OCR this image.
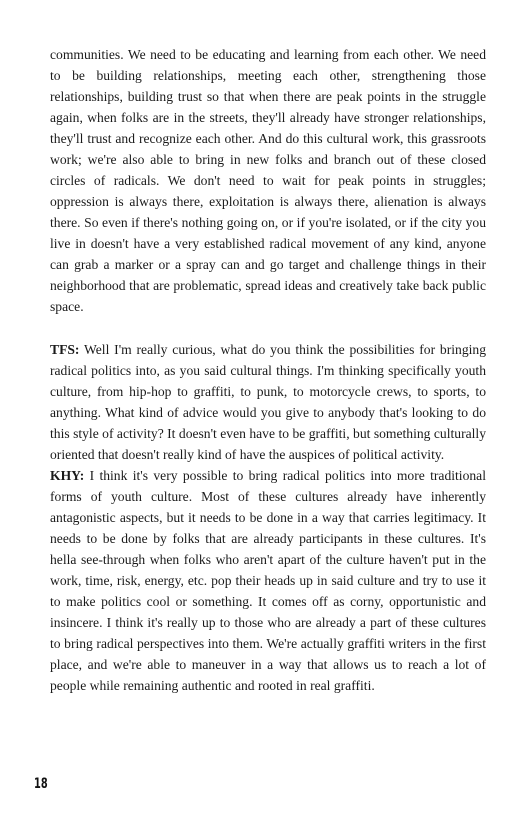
communities. We need to be educating and learning from each other. We need to be building relationships, meeting each other, strengthening those relationships, building trust so that when there are peak points in the struggle again, when folks are in the streets, they'll already have stronger relationships, they'll trust and recognize each other. And do this cultural work, this grassroots work; we're also able to bring in new folks and branch out of these closed circles of radicals. We don't need to wait for peak points in struggles; oppression is always there, exploitation is always there, alienation is always there. So even if there's nothing going on, or if you're isolated, or if the city you live in doesn't have a very established radical movement of any kind, anyone can grab a marker or a spray can and go target and challenge things in their neighborhood that are problematic, spread ideas and creatively take back public space.

TFS: Well I'm really curious, what do you think the possibilities for bringing radical politics into, as you said cultural things. I'm thinking specifically youth culture, from hip-hop to graffiti, to punk, to motorcycle crews, to sports, to anything. What kind of advice would you give to anybody that's looking to do this style of activity? It doesn't even have to be graffiti, but something culturally oriented that doesn't really kind of have the auspices of political activity.

KHY: I think it's very possible to bring radical politics into more traditional forms of youth culture. Most of these cultures already have inherently antagonistic aspects, but it needs to be done in a way that carries legitimacy. It needs to be done by folks that are already participants in these cultures. It's hella see-through when folks who aren't apart of the culture haven't put in the work, time, risk, energy, etc. pop their heads up in said culture and try to use it to make politics cool or something. It comes off as corny, opportunistic and insincere. I think it's really up to those who are already a part of these cultures to bring radical perspectives into them. We're actually graffiti writers in the first place, and we're able to maneuver in a way that allows us to reach a lot of people while remaining authentic and rooted in real graffiti.

18
